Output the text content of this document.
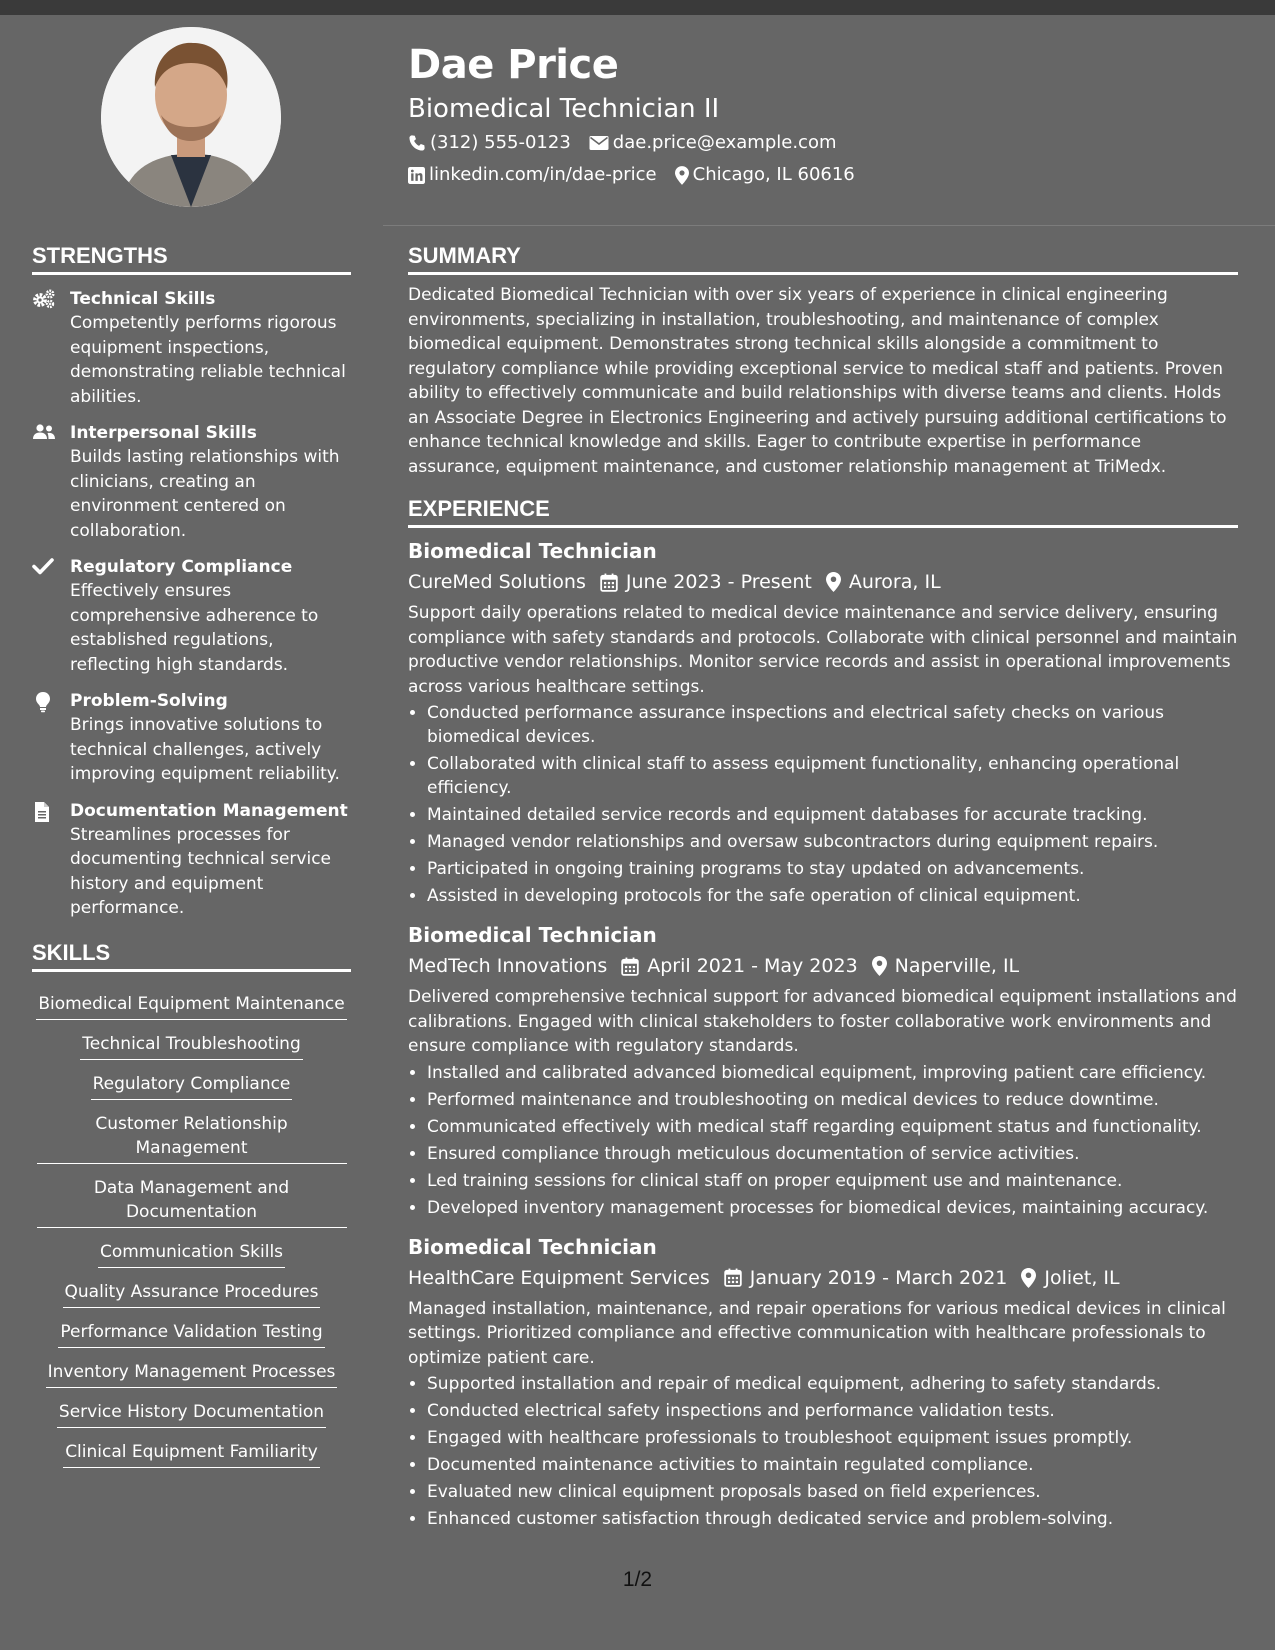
Dae Price
Biomedical Technician II
(312) 555-0123 dae.price@example.com
linkedin.com/in/dae-price Chicago, IL 60616
STRENGTHS
Technical Skills
Competently performs rigorous equipment inspections, demonstrating reliable technical abilities.
Interpersonal Skills
Builds lasting relationships with clinicians, creating an environment centered on collaboration.
Regulatory Compliance
Effectively ensures comprehensive adherence to established regulations, reflecting high standards.
Problem-Solving
Brings innovative solutions to technical challenges, actively improving equipment reliability.
Documentation Management
Streamlines processes for documenting technical service history and equipment performance.
SKILLS
Biomedical Equipment Maintenance
Technical Troubleshooting
Regulatory Compliance
Customer Relationship Management
Data Management and Documentation
Communication Skills
Quality Assurance Procedures
Performance Validation Testing
Inventory Management Processes
Service History Documentation
Clinical Equipment Familiarity
SUMMARY
Dedicated Biomedical Technician with over six years of experience in clinical engineering environments, specializing in installation, troubleshooting, and maintenance of complex biomedical equipment. Demonstrates strong technical skills alongside a commitment to regulatory compliance while providing exceptional service to medical staff and patients. Proven ability to effectively communicate and build relationships with diverse teams and clients. Holds an Associate Degree in Electronics Engineering and actively pursuing additional certifications to enhance technical knowledge and skills. Eager to contribute expertise in performance assurance, equipment maintenance, and customer relationship management at TriMedx.
EXPERIENCE
Biomedical Technician
CureMed Solutions June 2023 - Present Aurora, IL
Support daily operations related to medical device maintenance and service delivery, ensuring compliance with safety standards and protocols. Collaborate with clinical personnel and maintain productive vendor relationships. Monitor service records and assist in operational improvements across various healthcare settings.
• Conducted performance assurance inspections and electrical safety checks on various biomedical devices.
• Collaborated with clinical staff to assess equipment functionality, enhancing operational efficiency.
• Maintained detailed service records and equipment databases for accurate tracking.
• Managed vendor relationships and oversaw subcontractors during equipment repairs.
• Participated in ongoing training programs to stay updated on advancements.
• Assisted in developing protocols for the safe operation of clinical equipment.
Biomedical Technician
MedTech Innovations April 2021 - May 2023 Naperville, IL
Delivered comprehensive technical support for advanced biomedical equipment installations and calibrations. Engaged with clinical stakeholders to foster collaborative work environments and ensure compliance with regulatory standards.
• Installed and calibrated advanced biomedical equipment, improving patient care efficiency.
• Performed maintenance and troubleshooting on medical devices to reduce downtime.
• Communicated effectively with medical staff regarding equipment status and functionality.
• Ensured compliance through meticulous documentation of service activities.
• Led training sessions for clinical staff on proper equipment use and maintenance.
• Developed inventory management processes for biomedical devices, maintaining accuracy.
Biomedical Technician
HealthCare Equipment Services January 2019 - March 2021 Joliet, IL
Managed installation, maintenance, and repair operations for various medical devices in clinical settings. Prioritized compliance and effective communication with healthcare professionals to optimize patient care.
• Supported installation and repair of medical equipment, adhering to safety standards.
• Conducted electrical safety inspections and performance validation tests.
• Engaged with healthcare professionals to troubleshoot equipment issues promptly.
• Documented maintenance activities to maintain regulated compliance.
• Evaluated new clinical equipment proposals based on field experiences.
• Enhanced customer satisfaction through dedicated service and problem-solving.
1/2
